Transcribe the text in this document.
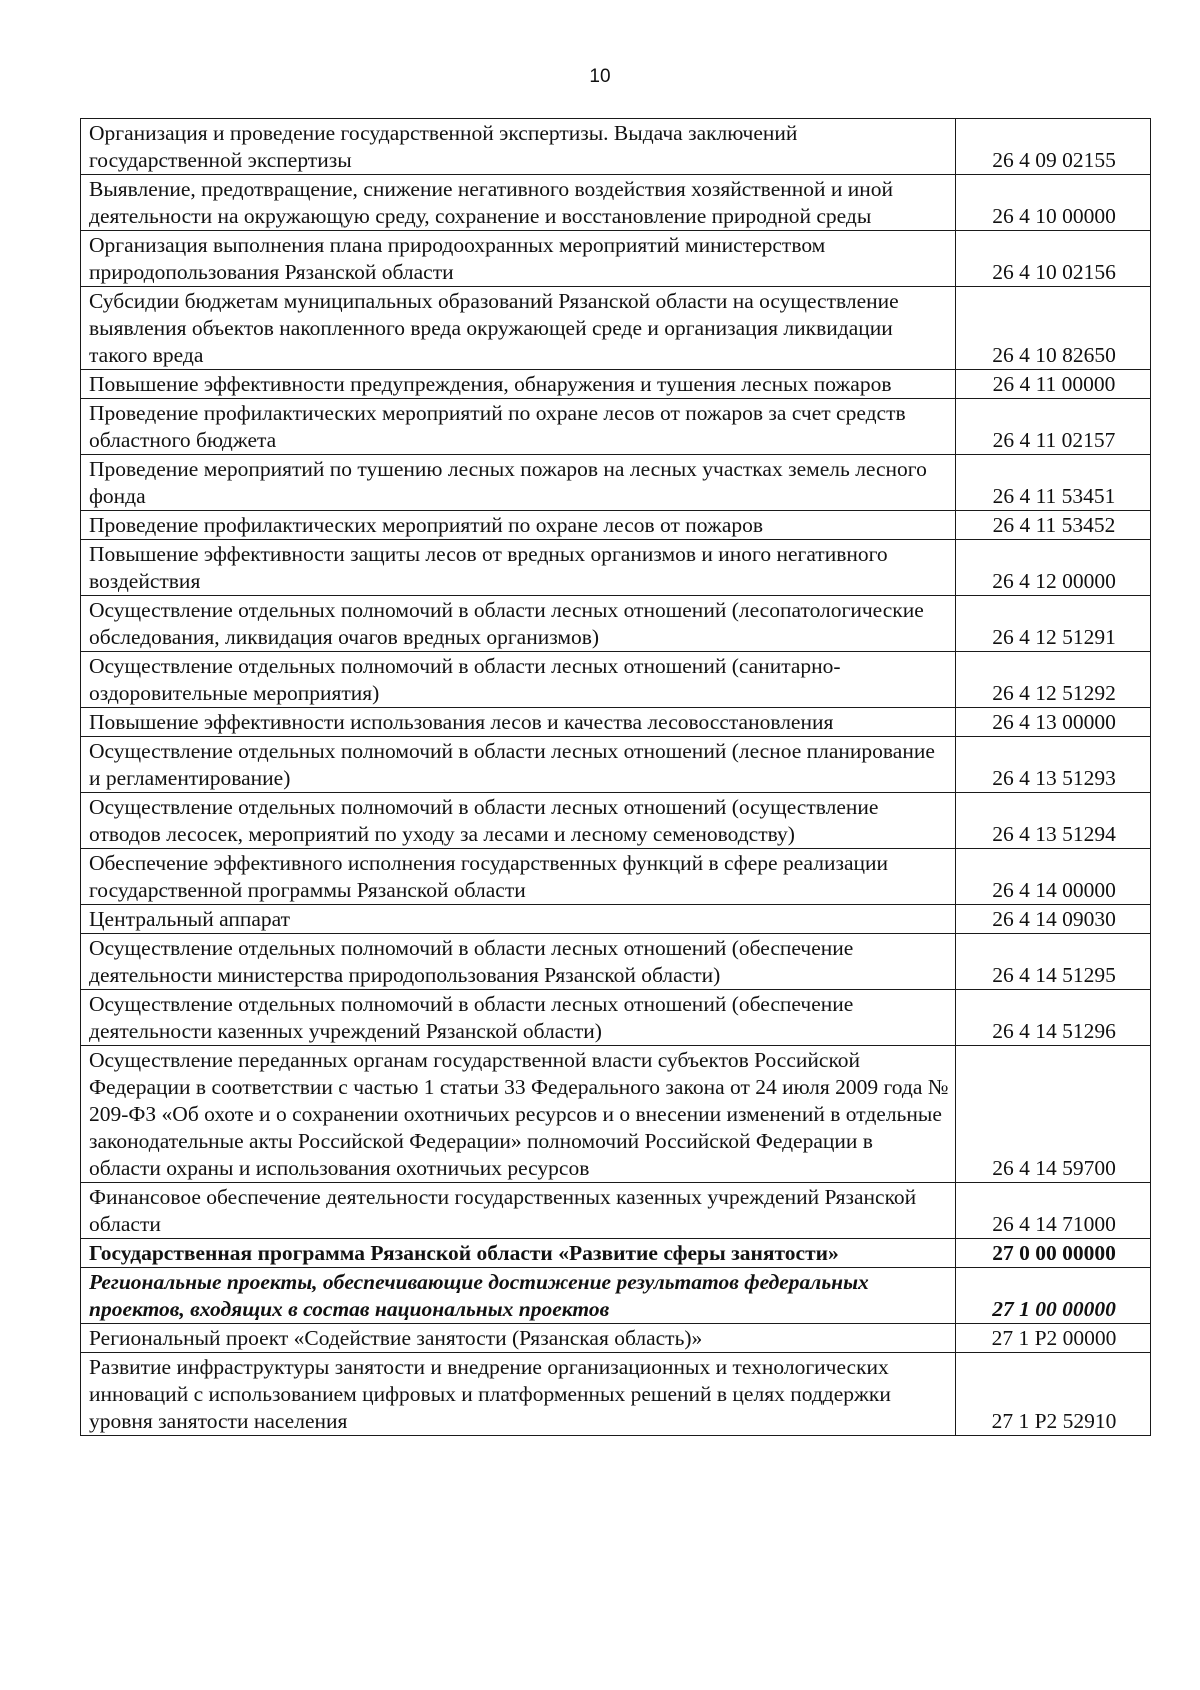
10
Организация и проведение государственной экспертизы. Выдача заключений государственной экспертизы	26 4 09 02155
Выявление, предотвращение, снижение негативного воздействия хозяйственной и иной деятельности на окружающую среду, сохранение и восстановление природной среды	26 4 10 00000
Организация выполнения плана природоохранных мероприятий министерством природопользования Рязанской области	26 4 10 02156
Субсидии бюджетам муниципальных образований Рязанской области на осуществление выявления объектов накопленного вреда окружающей среде и организация ликвидации такого вреда	26 4 10 82650
Повышение эффективности предупреждения, обнаружения и тушения лесных пожаров	26 4 11 00000
Проведение профилактических мероприятий по охране лесов от пожаров за счет средств областного бюджета	26 4 11 02157
Проведение мероприятий по тушению лесных пожаров на лесных участках земель лесного фонда	26 4 11 53451
Проведение профилактических мероприятий по охране лесов от пожаров	26 4 11 53452
Повышение эффективности защиты лесов от вредных организмов и иного негативного воздействия	26 4 12 00000
Осуществление отдельных полномочий в области лесных отношений (лесопатологические обследования, ликвидация очагов вредных организмов)	26 4 12 51291
Осуществление отдельных полномочий в области лесных отношений (санитарно-оздоровительные мероприятия)	26 4 12 51292
Повышение эффективности использования лесов и качества лесовосстановления	26 4 13 00000
Осуществление отдельных полномочий в области лесных отношений (лесное планирование и регламентирование)	26 4 13 51293
Осуществление отдельных полномочий в области лесных отношений (осуществление отводов лесосек, мероприятий по уходу за лесами и лесному семеноводству)	26 4 13 51294
Обеспечение эффективного исполнения государственных функций в сфере реализации государственной программы Рязанской области	26 4 14 00000
Центральный аппарат	26 4 14 09030
Осуществление отдельных полномочий в области лесных отношений (обеспечение деятельности министерства природопользования Рязанской области)	26 4 14 51295
Осуществление отдельных полномочий в области лесных отношений (обеспечение деятельности казенных учреждений Рязанской области)	26 4 14 51296
Осуществление переданных органам государственной власти субъектов Российской Федерации в соответствии с частью 1 статьи 33 Федерального закона от 24 июля 2009 года № 209-ФЗ «Об охоте и о сохранении охотничьих ресурсов и о внесении изменений в отдельные законодательные акты Российской Федерации» полномочий Российской Федерации в области охраны и использования охотничьих ресурсов	26 4 14 59700
Финансовое обеспечение деятельности государственных казенных учреждений Рязанской области	26 4 14 71000
Государственная программа Рязанской области «Развитие сферы занятости»	27 0 00 00000
Региональные проекты, обеспечивающие достижение результатов федеральных проектов, входящих в состав национальных проектов	27 1 00 00000
Региональный проект «Содействие занятости (Рязанская область)»	27 1 P2 00000
Развитие инфраструктуры занятости и внедрение организационных и технологических инноваций с использованием цифровых и платформенных решений в целях поддержки уровня занятости населения	27 1 P2 52910
